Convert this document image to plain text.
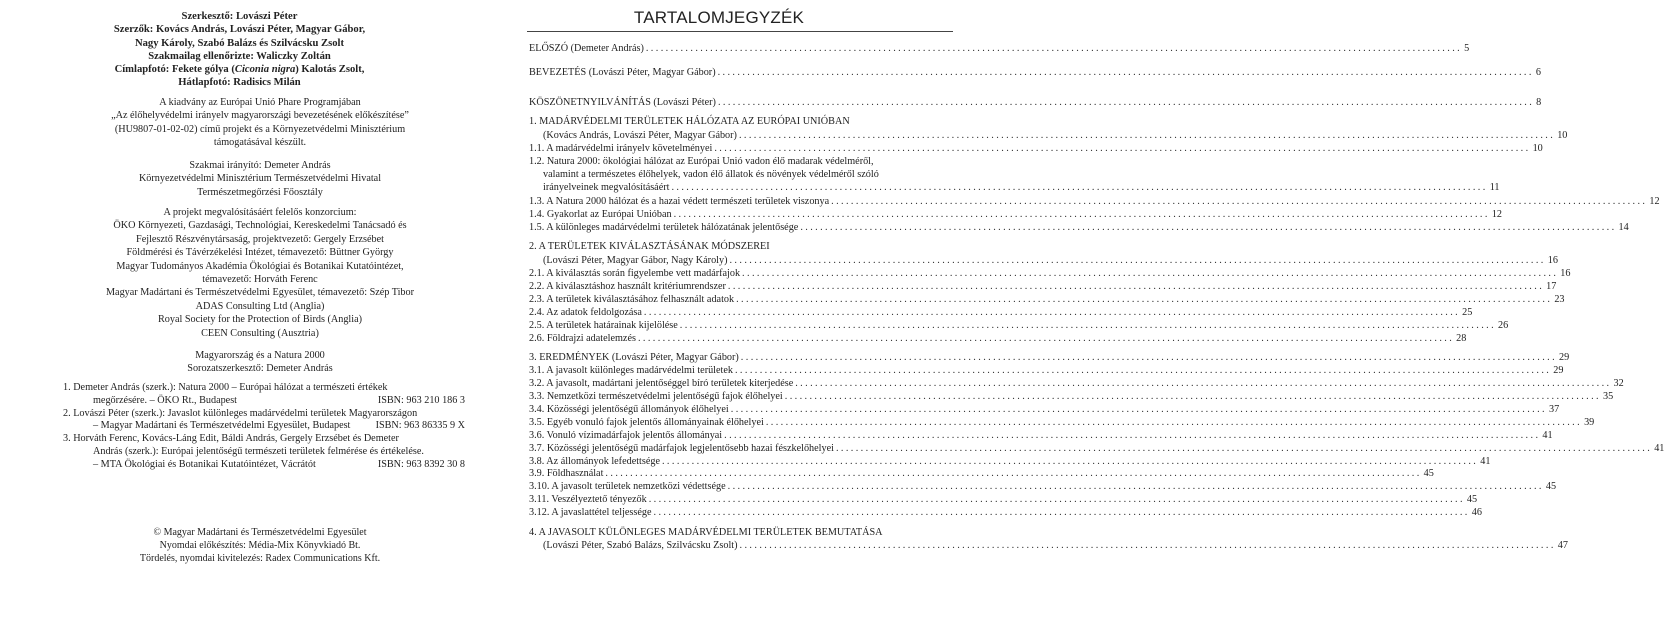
Szerkesztő: Lovászi Péter
Szerzők: Kovács András, Lovászi Péter, Magyar Gábor,
Nagy Károly, Szabó Balázs és Szilvácsku Zsolt
Szakmailag ellenőrizte: Waliczky Zoltán
Címlapfotó: Fekete gólya (Ciconia nigra) Kalotás Zsolt,
Hátlapfotó: Radisics Milán
A kiadvány az Európai Unió Phare Programjában
„Az élőhelyvédelmi irányelv magyarországi bevezetésének előkészítése”
(HU9807-01-02-02) című projekt és a Környezetvédelmi Minisztérium
támogatásával készült.
Szakmai irányító: Demeter András
Környezetvédelmi Minisztérium Természetvédelmi Hivatal
Természetmegőrzési Főosztály
A projekt megvalósításáért felelős konzorcium:
ÖKO Környezeti, Gazdasági, Technológiai, Kereskedelmi Tanácsadó és
Fejlesztő Részvénytársaság, projektvezető: Gergely Erzsébet
Földmérési és Távérzékelési Intézet, témavezető: Büttner György
Magyar Tudományos Akadémia Ökológiai és Botanikai Kutatóintézet,
témavezető: Horváth Ferenc
Magyar Madártani és Természetvédelmi Egyesület, témavezető: Szép Tibor
ADAS Consulting Ltd (Anglia)
Royal Society for the Protection of Birds (Anglia)
CEEN Consulting (Ausztria)
Magyarország és a Natura 2000
Sorozatszerkesztő: Demeter András
1. Demeter András (szerk.): Natura 2000 – Európai hálózat a természeti értékek
megőrzésére. – ÖKO Rt., Budapest	ISBN: 963 210 186 3
2. Lovászi Péter (szerk.): Javaslot különleges madárvédelmi területek Magyarországon
– Magyar Madártani és Természetvédelmi Egyesület, Budapest ISBN: 963 86335 9 X
3. Horváth Ferenc, Kovács-Láng Edit, Báldi András, Gergely Erzsébet és Demeter
András (szerk.): Európai jelentőségű természeti területek felmérése és értékelése.
– MTA Ökológiai és Botanikai Kutatóintézet, Vácrátót	ISBN: 963 8392 30 8
© Magyar Madártani és Természetvédelmi Egyesület
Nyomdai előkészítés: Média-Mix Könyvkiadó Bt.
Tördelés, nyomdai kivitelezés: Radex Communications Kft.
TARTALOMJEGYZÉK
ELŐSZÓ (Demeter András) .....	5
BEVEZETÉS (Lovászi Péter, Magyar Gábor) .....	6
KÖSZÖNETNYILVÁNÍTÁS (Lovászi Péter) .....	8
1. MADÁRVÉDELMI TERÜLETEK HÁLÓZATA AZ EURÓPAI UNIÓBAN
(Kovács András, Lovászi Péter, Magyar Gábor) .....	10
1.1. A madárvédelmi irányelv követelményei .....	10
1.2. Natura 2000: ökológiai hálózat az Európai Unió vadon élő madarak védelméről,
valamint a természetes élőhelyek, vadon élő állatok és növények védelméről szóló
irányelveinek megvalósításáért .....	11
1.3. A Natura 2000 hálózat és a hazai védett természeti területek viszonya .....	12
1.4. Gyakorlat az Európai Unióban .....	12
1.5. A különleges madárvédelmi területek hálózatának jelentősége .....	14
2. A TERÜLETEK KIVÁLASZTÁSÁNAK MÓDSZEREI
(Lovászi Péter, Magyar Gábor, Nagy Károly) .....	16
2.1. A kiválasztás során figyelembe vett madárfajok .....	16
2.2. A kiválasztáshoz használt kritériumrendszer .....	17
2.3. A területek kiválasztásához felhasznált adatok .....	23
2.4. Az adatok feldolgozása .....	25
2.5. A területek határainak kijelölése .....	26
2.6. Földrajzi adatelemzés .....	28
3. EREDMÉNYEK (Lovászi Péter, Magyar Gábor) .....	29
3.1. A javasolt különleges madárvédelmi területek .....	29
3.2. A javasolt, madártani jelentőséggel bíró területek kiterjedése .....	32
3.3. Nemzetközi természetvédelmi jelentőségű fajok élőhelyei .....	35
3.4. Közösségi jelentőségű állományok élőhelyei .....	37
3.5. Egyéb vonuló fajok jelentős állományainak élőhelyei .....	39
3.6. Vonuló vízimadárfajok jelentős állományai .....	41
3.7. Közösségi jelentőségű madárfajok legjelentősebb hazai fészkelőhelyei .....	41
3.8. Az állományok lefedettsége .....	41
3.9. Földhasználat .....	45
3.10. A javasolt területek nemzetközi védettsége .....	45
3.11. Veszélyeztető tényezők .....	45
3.12. A javaslattétel teljessége .....	46
4. A JAVASOLT KÜLÖNLEGES MADÁRVÉDELMI TERÜLETEK BEMUTATÁSA
(Lovászi Péter, Szabó Balázs, Szilvácsku Zsolt) .....	47
